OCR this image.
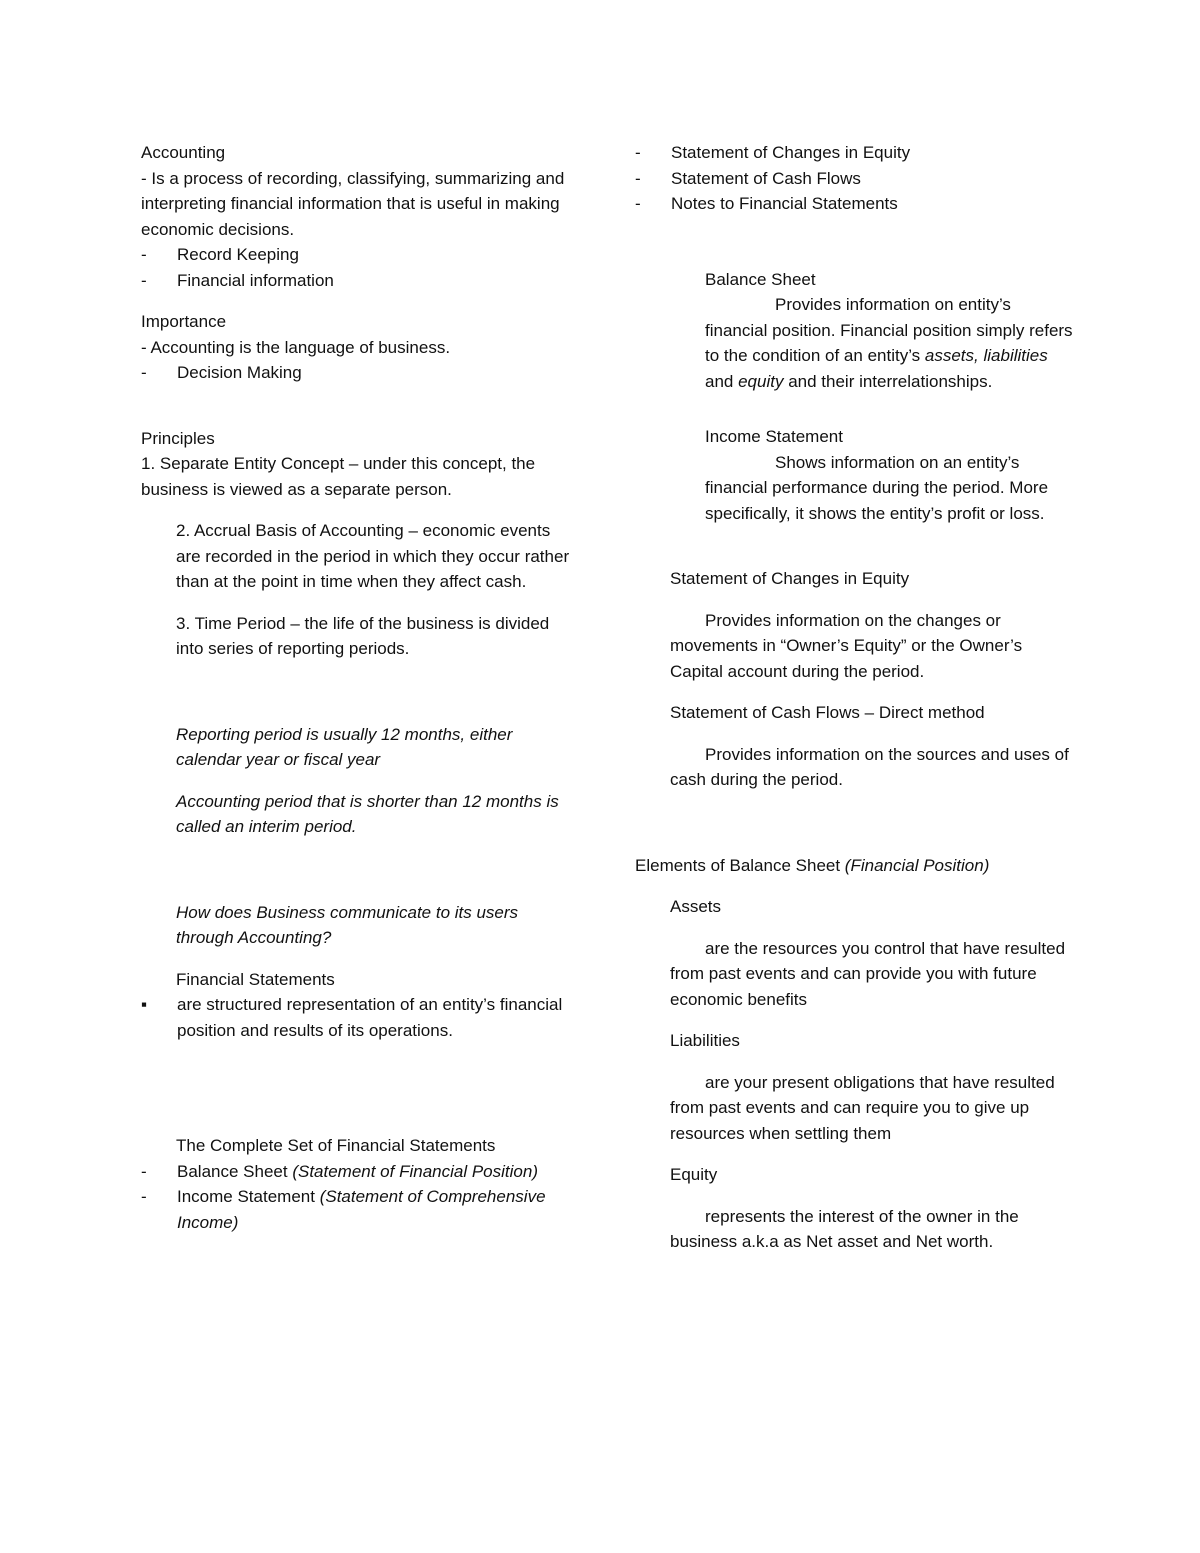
Accounting

- Is a process of recording, classifying, summarizing and interpreting financial information that is useful in making economic decisions.

-	Record Keeping
-	Financial information

Importance

- Accounting is the language of business.

-	Decision Making

Principles

1. Separate Entity Concept – under this concept, the business is viewed as a separate person.

2. Accrual Basis of Accounting – economic events are recorded in the period in which they occur rather than at the point in time when they affect cash.

3. Time Period – the life of the business is divided into series of reporting periods.

Reporting period is usually 12 months, either calendar year or fiscal year

Accounting period that is shorter than 12 months is called an interim period.

How does Business communicate to its users through Accounting?

Financial Statements

▪	are structured representation of an entity’s financial position and results of its operations.

The Complete Set of Financial Statements

-	Balance Sheet (Statement of Financial Position)
-	Income Statement (Statement of Comprehensive Income)
-	Statement of Changes in Equity
-	Statement of Cash Flows
-	Notes to Financial Statements

Balance Sheet

Provides information on entity’s financial position. Financial position simply refers to the condition of an entity’s assets, liabilities and equity and their interrelationships.

Income Statement

Shows information on an entity’s financial performance during the period. More specifically, it shows the entity’s profit or loss.

Statement of Changes in Equity

Provides information on the changes or movements in “Owner’s Equity” or the Owner’s Capital account during the period.

Statement of Cash Flows – Direct method

Provides information on the sources and uses of cash during the period.

Elements of Balance Sheet (Financial Position)

Assets

are the resources you control that have resulted from past events and can provide you with future economic benefits

Liabilities

are your present obligations that have resulted from past events and can require you to give up resources when settling them

Equity

represents the interest of the owner in the business a.k.a as Net asset and Net worth.
